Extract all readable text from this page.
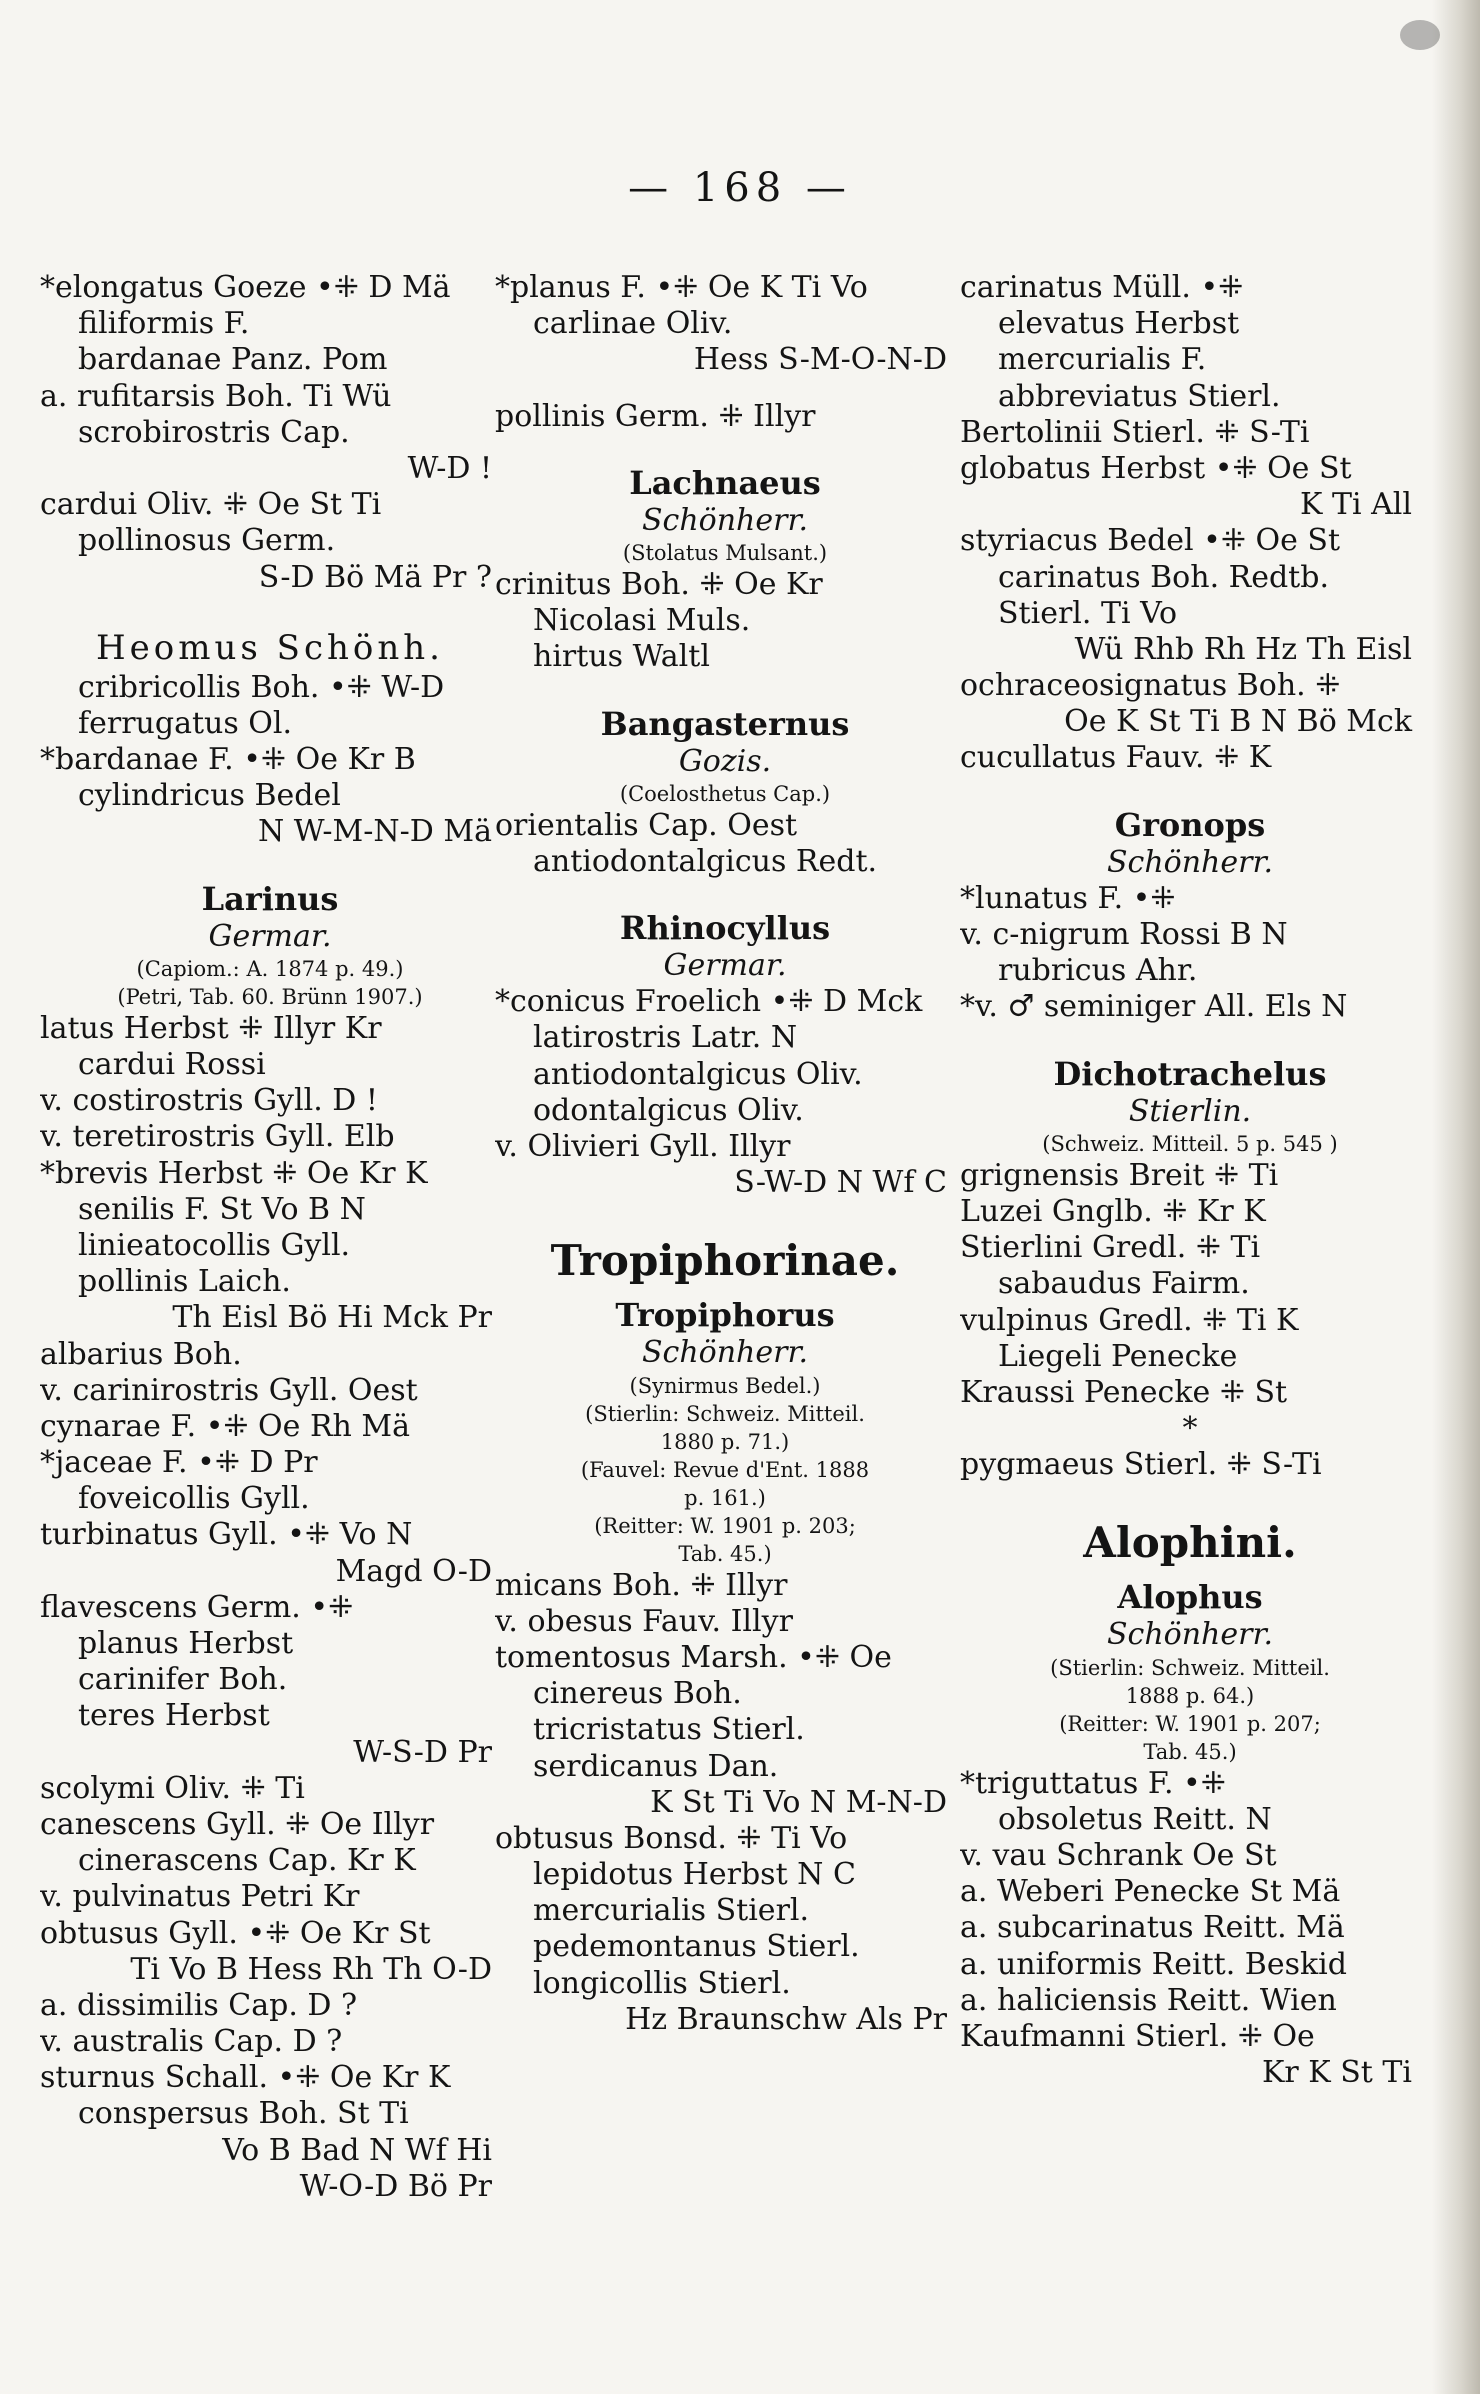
— 168 —
*elongatus Goeze •⁜ D Mä
filiformis F.
bardanae Panz. Pom
a. rufitarsis Boh. Ti Wü
scrobirostris Cap.
W-D !
cardui Oliv. ⁜ Oe St Ti
pollinosus Germ.
S-D Bö Mä Pr ?
Heomus Schönh.
cribricollis Boh. •⁜ W-D
ferrugatus Ol.
*bardanae F. •⁜ Oe Kr B
cylindricus Bedel
N W-M-N-D Mä
Larinus
Germar.
(Capiom.: A. 1874 p. 49.)
(Petri, Tab. 60. Brünn 1907.)
latus Herbst ⁜ Illyr Kr
cardui Rossi
v. costirostris Gyll. D !
v. teretirostris Gyll. Elb
*brevis Herbst ⁜ Oe Kr K
senilis F. St Vo B N
linieatocollis Gyll.
pollinis Laich.
Th Eisl Bö Hi Mck Pr
albarius Boh.
v. carinirostris Gyll. Oest
cynarae F. •⁜ Oe Rh Mä
*jaceae F. •⁜ D Pr
foveicollis Gyll.
turbinatus Gyll. •⁜ Vo N
Magd O-D
flavescens Germ. •⁜
planus Herbst
carinifer Boh.
teres Herbst
W-S-D Pr
scolymi Oliv. ⁜ Ti
canescens Gyll. ⁜ Oe Illyr
cinerascens Cap. Kr K
v. pulvinatus Petri Kr
obtusus Gyll. •⁜ Oe Kr St
Ti Vo B Hess Rh Th O-D
a. dissimilis Cap. D ?
v. australis Cap. D ?
sturnus Schall. •⁜ Oe Kr K
conspersus Boh. St Ti
Vo B Bad N Wf Hi
W-O-D Bö Pr
*planus F. •⁜ Oe K Ti Vo
carlinae Oliv.
Hess S-M-O-N-D
pollinis Germ. ⁜ Illyr
Lachnaeus
Schönherr.
(Stolatus Mulsant.)
crinitus Boh. ⁜ Oe Kr
Nicolasi Muls.
hirtus Waltl
Bangasternus
Gozis.
(Coelosthetus Cap.)
orientalis Cap. Oest
antiodontalgicus Redt.
Rhinocyllus
Germar.
*conicus Froelich •⁜ D Mck
latirostris Latr. N
antiodontalgicus Oliv.
odontalgicus Oliv.
v. Olivieri Gyll. Illyr
S-W-D N Wf C
Tropiphorinae.
Tropiphorus
Schönherr.
(Synirmus Bedel.)
(Stierlin: Schweiz. Mitteil.
1880 p. 71.)
(Fauvel: Revue d'Ent. 1888
p. 161.)
(Reitter: W. 1901 p. 203;
Tab. 45.)
micans Boh. ⁜ Illyr
v. obesus Fauv. Illyr
tomentosus Marsh. •⁜ Oe
cinereus Boh.
tricristatus Stierl.
serdicanus Dan.
K St Ti Vo N M-N-D
obtusus Bonsd. ⁜ Ti Vo
lepidotus Herbst N C
mercurialis Stierl.
pedemontanus Stierl.
longicollis Stierl.
Hz Braunschw Als Pr
carinatus Müll. •⁜
elevatus Herbst
mercurialis F.
abbreviatus Stierl.
Bertolinii Stierl. ⁜ S-Ti
globatus Herbst •⁜ Oe St
K Ti All
styriacus Bedel •⁜ Oe St
carinatus Boh. Redtb.
Stierl. Ti Vo
Wü Rhb Rh Hz Th Eisl
ochraceosignatus Boh. ⁜
Oe K St Ti B N Bö Mck
cucullatus Fauv. ⁜ K
Gronops
Schönherr.
*lunatus F. •⁜
v. c-nigrum Rossi B N
rubricus Ahr.
*v. ♂ seminiger All. Els N
Dichotrachelus
Stierlin.
(Schweiz. Mitteil. 5 p. 545 )
grignensis Breit ⁜ Ti
Luzei Gnglb. ⁜ Kr K
Stierlini Gredl. ⁜ Ti
sabaudus Fairm.
vulpinus Gredl. ⁜ Ti K
Liegeli Penecke
Kraussi Penecke ⁜ St
*
pygmaeus Stierl. ⁜ S-Ti
Alophini.
Alophus
Schönherr.
(Stierlin: Schweiz. Mitteil.
1888 p. 64.)
(Reitter: W. 1901 p. 207;
Tab. 45.)
*triguttatus F. •⁜
obsoletus Reitt. N
v. vau Schrank Oe St
a. Weberi Penecke St Mä
a. subcarinatus Reitt. Mä
a. uniformis Reitt. Beskid
a. haliciensis Reitt. Wien
Kaufmanni Stierl. ⁜ Oe
Kr K St Ti
